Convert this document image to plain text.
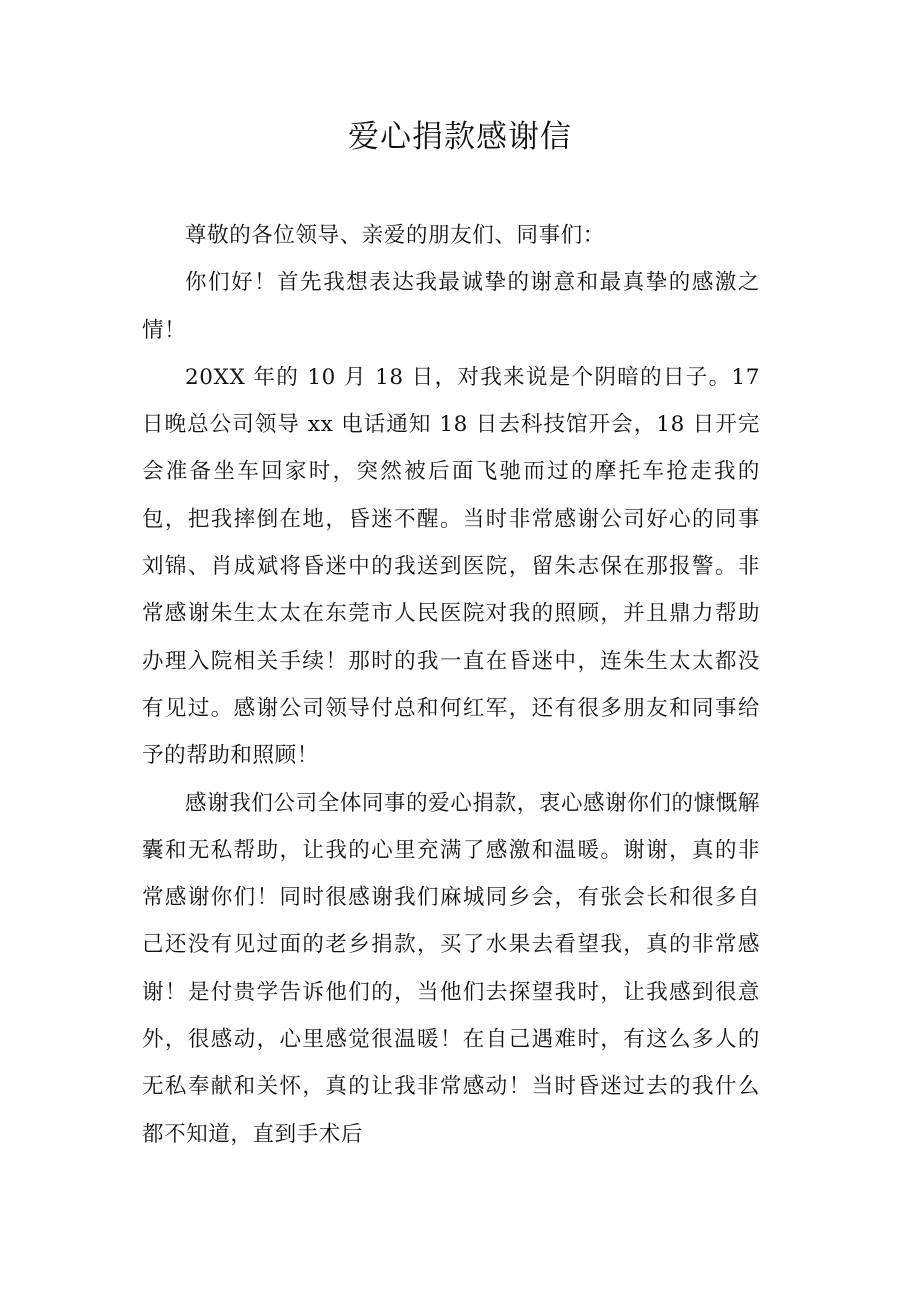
爱心捐款感谢信

尊敬的各位领导、亲爱的朋友们、同事们：

你们好！首先我想表达我最诚挚的谢意和最真挚的感激之情！

20XX 年的 10 月 18 日，对我来说是个阴暗的日子。17 日晚总公司领导 xx 电话通知 18 日去科技馆开会，18 日开完会准备坐车回家时，突然被后面飞驰而过的摩托车抢走我的包，把我摔倒在地，昏迷不醒。当时非常感谢公司好心的同事刘锦、肖成斌将昏迷中的我送到医院，留朱志保在那报警。非常感谢朱生太太在东莞市人民医院对我的照顾，并且鼎力帮助办理入院相关手续！那时的我一直在昏迷中，连朱生太太都没有见过。感谢公司领导付总和何红军，还有很多朋友和同事给予的帮助和照顾！

感谢我们公司全体同事的爱心捐款，衷心感谢你们的慷慨解囊和无私帮助，让我的心里充满了感激和温暖。谢谢，真的非常感谢你们！同时很感谢我们麻城同乡会，有张会长和很多自己还没有见过面的老乡捐款，买了水果去看望我，真的非常感谢！是付贵学告诉他们的，当他们去探望我时，让我感到很意外，很感动，心里感觉很温暖！在自己遇难时，有这么多人的无私奉献和关怀，真的让我非常感动！当时昏迷过去的我什么都不知道，直到手术后
